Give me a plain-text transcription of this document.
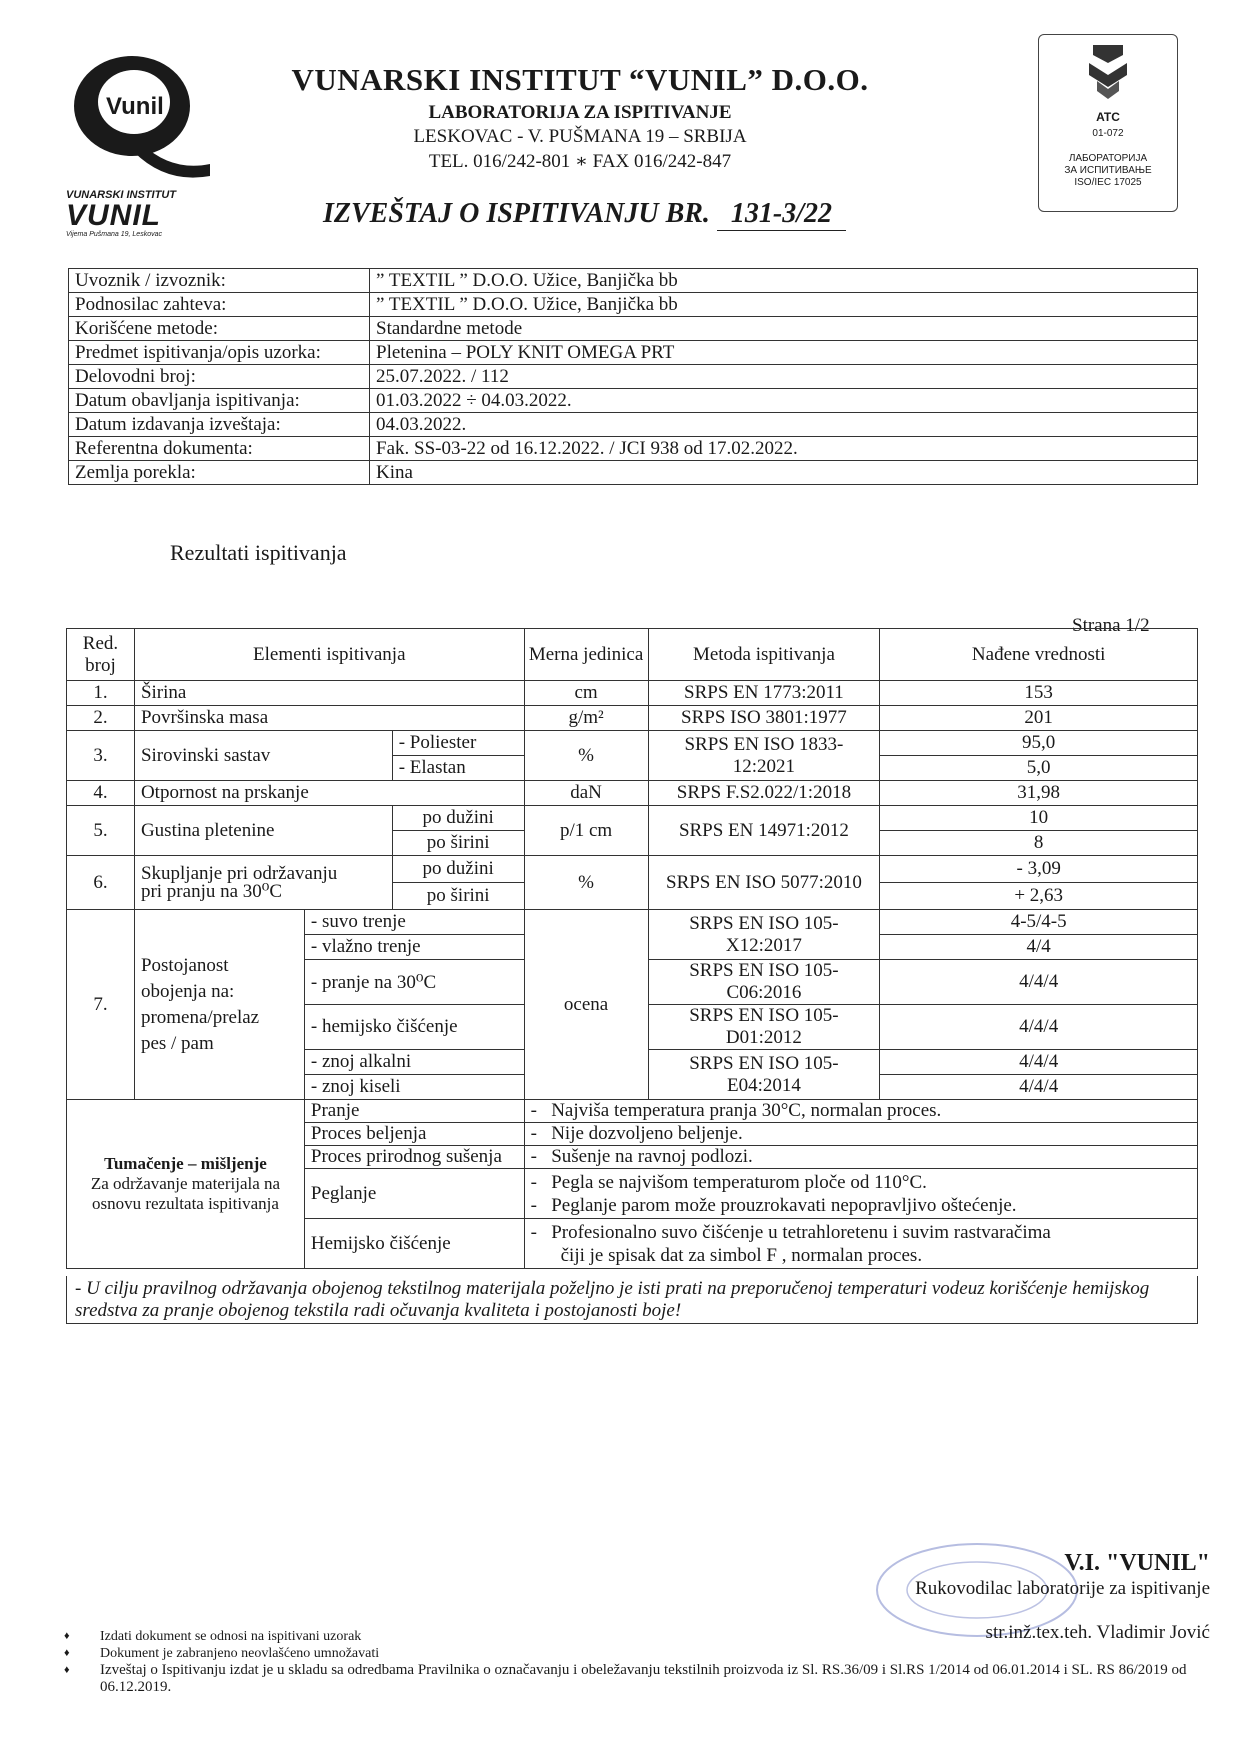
Vunil
VUNARSKI INSTITUT
VUNIL
Vijema Pušmana 19, Leskovac
VUNARSKI INSTITUT “VUNIL” D.O.O.
LABORATORIJA ZA ISPITIVANJE
LESKOVAC - V. PUŠMANA 19 – SRBIJA
TEL. 016/242-801 ∗ FAX 016/242-847
IZVEŠTAJ O ISPITIVANJU BR. 131-3/22
ATC
01-072
ЛАБОРАТОРИЈА
ЗА ИСПИТИВАЊЕ
ISO/IEC 17025
Uvoznik / izvoznik:	” TEXTIL ” D.O.O. Užice, Banjička bb
Podnosilac zahteva:	” TEXTIL ” D.O.O. Užice, Banjička bb
Korišćene metode:	Standardne metode
Predmet ispitivanja/opis uzorka:	Pletenina – POLY KNIT OMEGA PRT
Delovodni broj:	25.07.2022. / 112
Datum obavljanja ispitivanja:	01.03.2022 ÷ 04.03.2022.
Datum izdavanja izveštaja:	04.03.2022.
Referentna dokumenta:	Fak. SS-03-22 od 16.12.2022. / JCI 938 od 17.02.2022.
Zemlja porekla:	Kina
Rezultati ispitivanja
Strana 1/2
Red. broj	Elementi ispitivanja			Merna jedinica	Metoda ispitivanja	Nađene vrednosti
1.	Širina			cm	SRPS EN 1773:2011	153
2.	Površinska masa			g/m²	SRPS ISO 3801:1977	201
3.	Sirovinski sastav		- Poliester	%	SRPS EN ISO 1833-12:2021	95,0
			- Elastan			5,0
4.	Otpornost na prskanje			daN	SRPS F.S2.022/1:2018	31,98
5.	Gustina pletenine		po dužini	p/1 cm	SRPS EN 14971:2012	10
			po širini			8
6.	Skupljanje pri održavanju
pri pranju na 30⁰C		po dužini	%	SRPS EN ISO 5077:2010	- 3,09
			po širini			+ 2,63
7.	Postojanost
obojenja na:
promena/prelaz
pes / pam	- suvo trenje		ocena	SRPS EN ISO 105-X12:2017	4-5/4-5
		- vlažno trenje				4/4
		- pranje na 30⁰C			SRPS EN ISO 105-C06:2016	4/4/4
		- hemijsko čišćenje			SRPS EN ISO 105-D01:2012	4/4/4
		- znoj alkalni			SRPS EN ISO 105-E04:2014	4/4/4
		- znoj kiseli				4/4/4

Tumačenje – mišljenje
Za održavanje materijala na osnovu rezultata ispitivanja		Pranje		- Najviša temperatura pranja 30°C, normalan proces.		
		Proces beljenja		- Nije dozvoljeno beljenje.		
		Proces prirodnog sušenja		- Sušenje na ravnoj podlozi.		
		Peglanje		- Pegla se najvišom temperaturom ploče od 110°C.
- Peglanje parom može prouzrokavati nepopravljivo oštećenje.		

		Hemijsko čišćenje		- Profesionalno suvo čišćenje u tetrahloretenu i suvim rastvaračima
čiji je spisak dat za simbol F , normalan proces.		
- U cilju pravilnog održavanja obojenog tekstilnog materijala poželjno je isti prati na preporučenoj temperaturi vodeuz korišćenje hemijskog sredstva za pranje obojenog tekstila radi očuvanja kvaliteta i postojanosti boje!
V.I. "VUNIL"
Rukovodilac laboratorije za ispitivanje
str.inž.tex.teh. Vladimir Jović
♦ Izdati dokument se odnosi na ispitivani uzorak
♦ Dokument je zabranjeno neovlašćeno umnožavati
♦ Izveštaj o Ispitivanju izdat je u skladu sa odredbama Pravilnika o označavanju i obeležavanju tekstilnih proizvoda iz Sl. RS.36/09 i Sl.RS 1/2014 od 06.01.2014 i SL. RS 86/2019 od 06.12.2019.
